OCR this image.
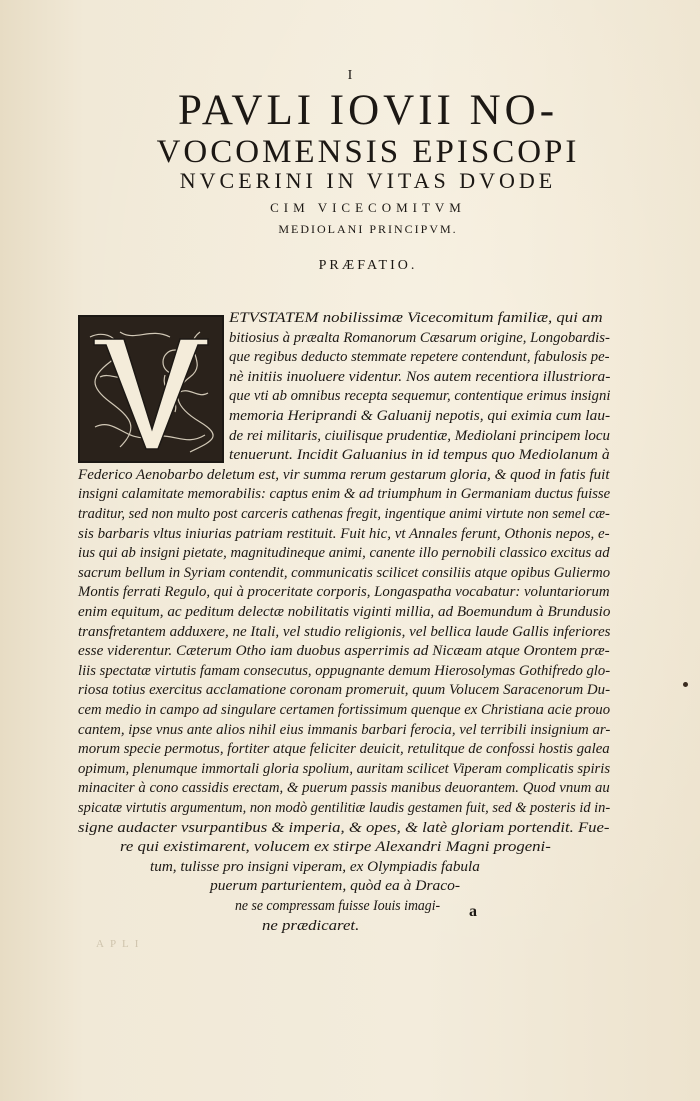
I
PAVLI IOVII NO-
VOCOMENSIS EPISCOPI
NVCERINI IN VITAS DVODE
CIM VICECOMITVM
MEDIOLANI PRINCIPVM.
PRÆFATIO.
ETVSTATEM nobilissimæ Vicecomitum familiæ, qui am
bitiosius à præalta Romanorum Cæsarum origine, Longobardis-
que regibus deducto stemmate repetere contendunt, fabulosis pe-
nè initiis inuoluere videntur. Nos autem recentiora illustriora-
que vti ab omnibus recepta sequemur, contentique erimus insigni
memoria Heriprandi & Galuanij nepotis, qui eximia cum lau-
de rei militaris, ciuilisque prudentiæ, Mediolani principem locu
tenuerunt. Incidit Galuanius in id tempus quo Mediolanum à
Federico Aenobarbo deletum est, vir summa rerum gestarum gloria, & quod in fatis fuit
insigni calamitate memorabilis: captus enim & ad triumphum in Germaniam ductus fuisse
traditur, sed non multo post carceris cathenas fregit, ingentique animi virtute non semel cæ-
sis barbaris vltus iniurias patriam restituit. Fuit hic, vt Annales ferunt, Othonis nepos, e-
ius qui ab insigni pietate, magnitudineque animi, canente illo pernobili classico excitus ad
sacrum bellum in Syriam contendit, communicatis scilicet consiliis atque opibus Guliermo
Montis ferrati Regulo, qui à proceritate corporis, Longaspatha vocabatur: voluntariorum
enim equitum, ac peditum delectæ nobilitatis viginti millia, ad Boemundum à Brundusio
transfretantem adduxere, ne Itali, vel studio religionis, vel bellica laude Gallis inferiores
esse viderentur. Cæterum Otho iam duobus asperrimis ad Nicæam atque Orontem præ-
liis spectatæ virtutis famam consecutus, oppugnante demum Hierosolymas Gothifredo glo-
riosa totius exercitus acclamatione coronam promeruit, quum Volucem Saracenorum Du-
cem medio in campo ad singulare certamen fortissimum quenque ex Christiana acie prouo
cantem, ipse vnus ante alios nihil eius immanis barbari ferocia, vel terribili insignium ar-
morum specie permotus, fortiter atque feliciter deuicit, retulitque de confossi hostis galea
opimum, plenumque immortali gloria spolium, auritam scilicet Viperam complicatis spiris
minaciter à cono cassidis erectam, & puerum passis manibus deuorantem. Quod vnum au
spicatæ virtutis argumentum, non modò gentilitiæ laudis gestamen fuit, sed & posteris id in-
signe audacter vsurpantibus & imperia, & opes, & latè gloriam portendit. Fue-
re qui existimarent, volucem ex stirpe Alexandri Magni progeni-
tum, tulisse pro insigni viperam, ex Olympiadis fabula
puerum parturientem, quòd ea à Draco-
ne se compressam fuisse Iouis imagi-
ne prædicaret.
a
APLI
